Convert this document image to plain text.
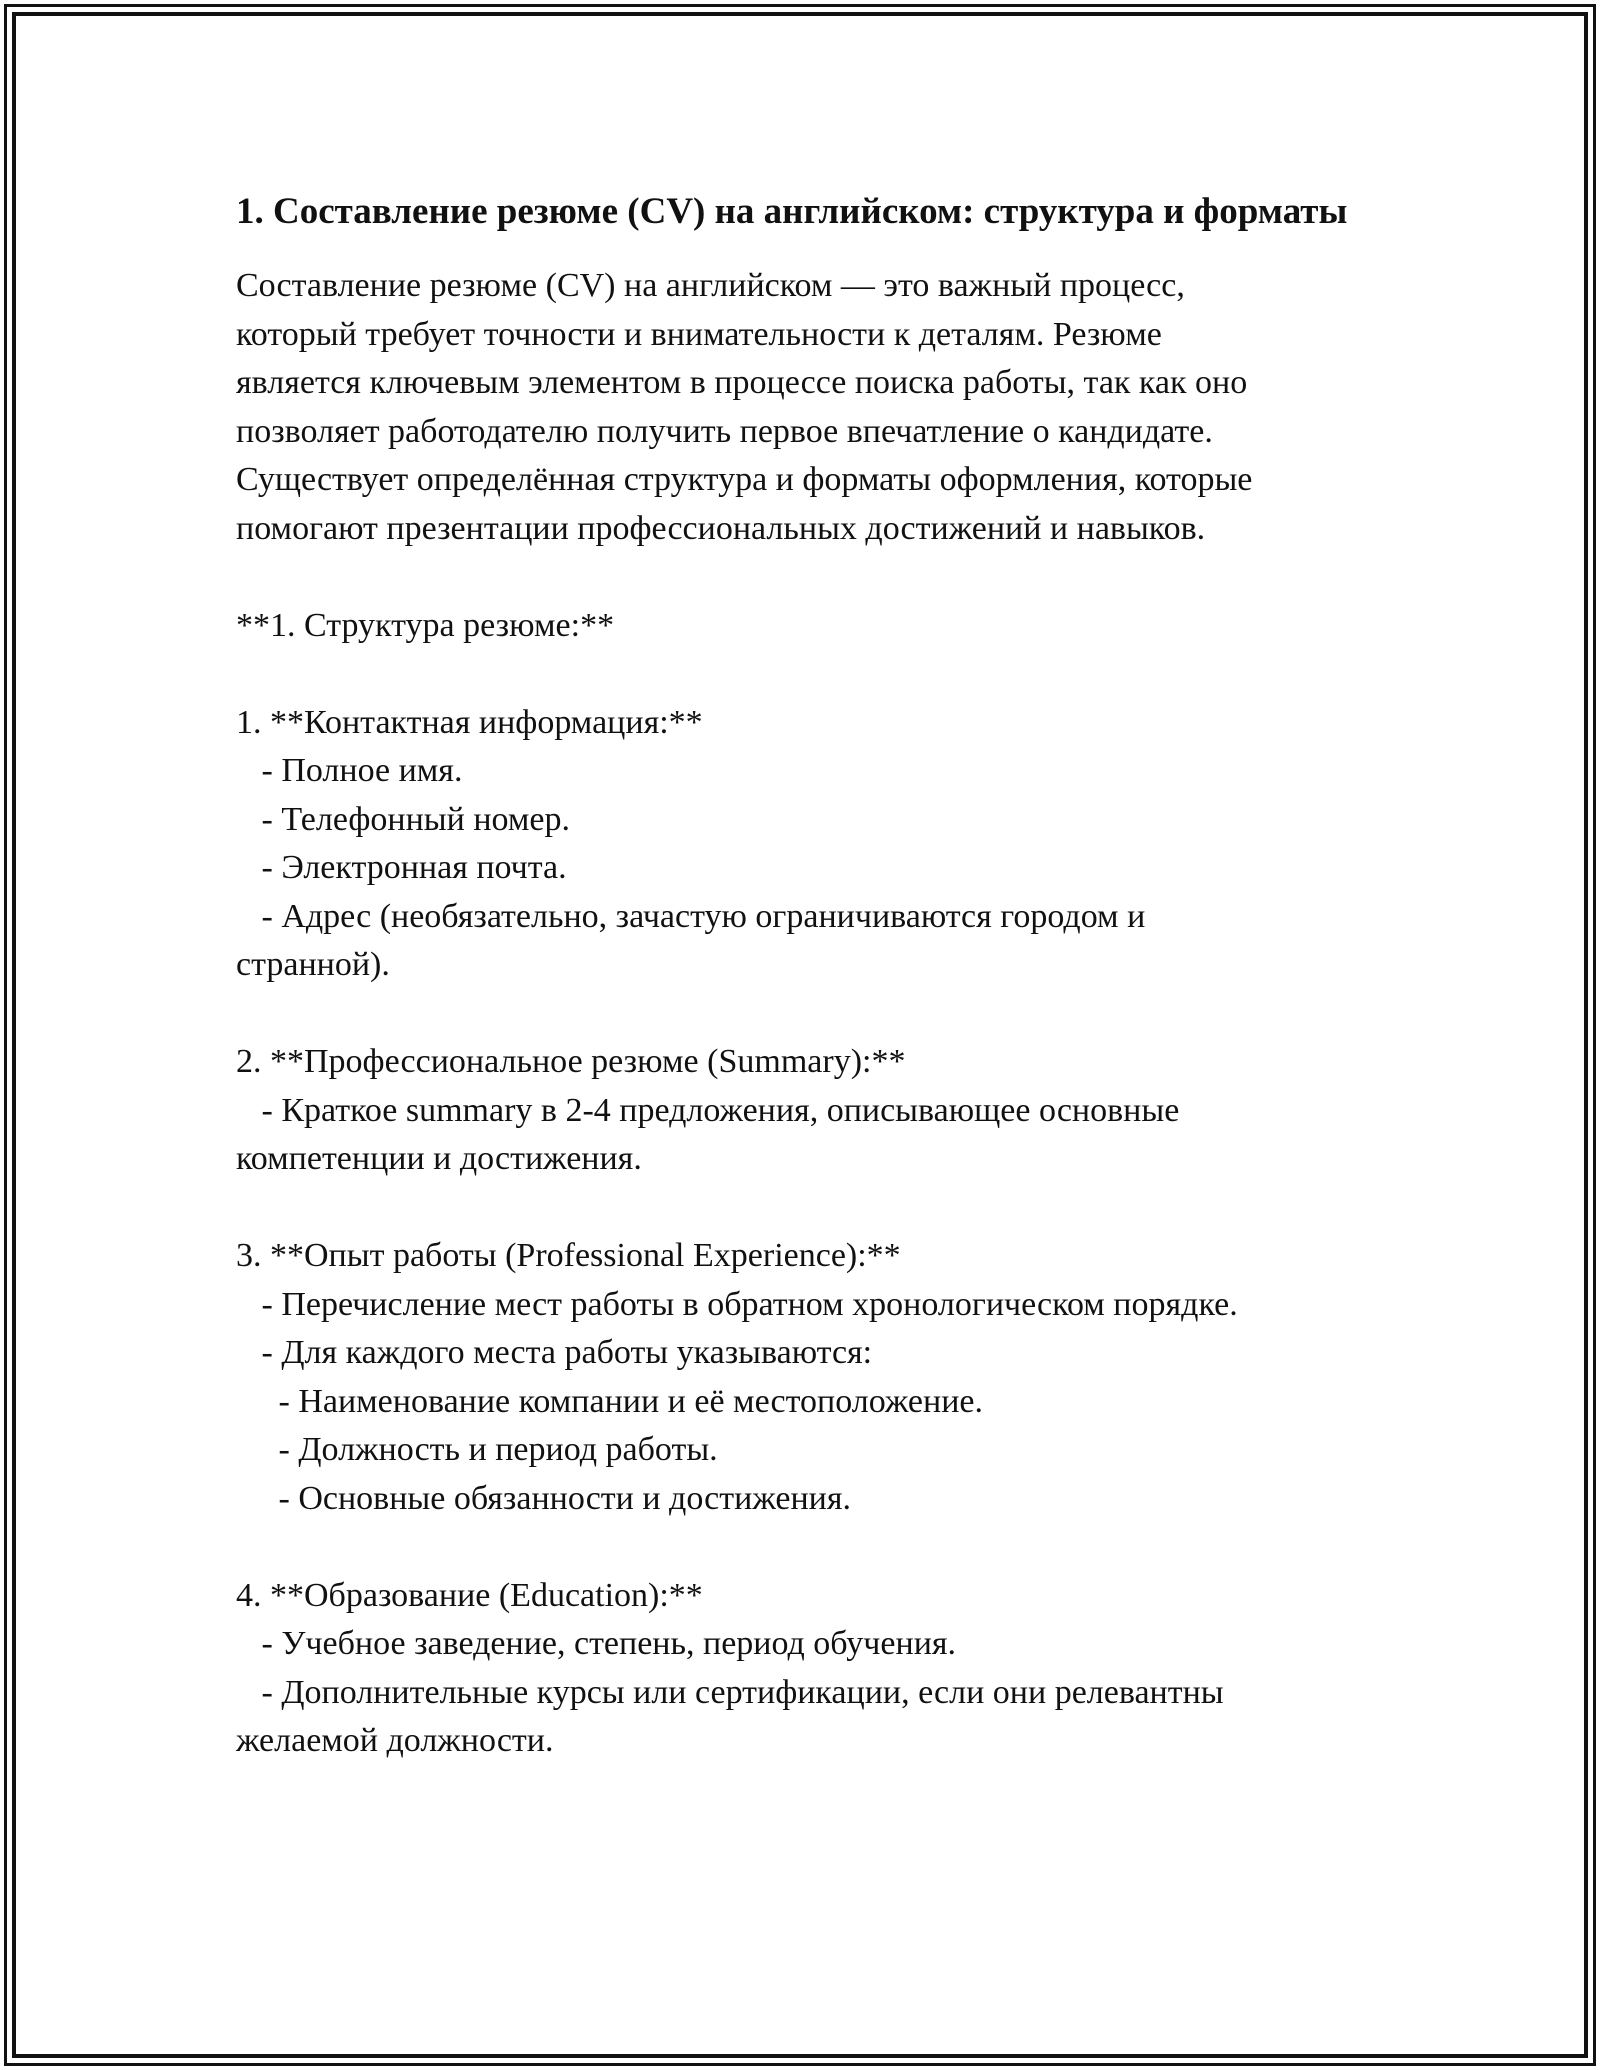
1. Составление резюме (CV) на английском: структура и форматы

Составление резюме (CV) на английском — это важный процесс,
который требует точности и внимательности к деталям. Резюме
является ключевым элементом в процессе поиска работы, так как оно
позволяет работодателю получить первое впечатление о кандидате.
Существует определённая структура и форматы оформления, которые
помогают презентации профессиональных достижений и навыков.

**1. Структура резюме:**
1. **Контактная информация:**
- Полное имя.
- Телефонный номер.
- Электронная почта.
- Адрес (необязательно, зачастую ограничиваются городом и
странной).
2. **Профессиональное резюме (Summary):**
- Краткое summary в 2-4 предложения, описывающее основные
компетенции и достижения.
3. **Опыт работы (Professional Experience):**
- Перечисление мест работы в обратном хронологическом порядке.
- Для каждого места работы указываются:
- Наименование компании и её местоположение.
- Должность и период работы.
- Основные обязанности и достижения.
4. **Образование (Education):**
- Учебное заведение, степень, период обучения.
- Дополнительные курсы или сертификации, если они релевантны
желаемой должности.
